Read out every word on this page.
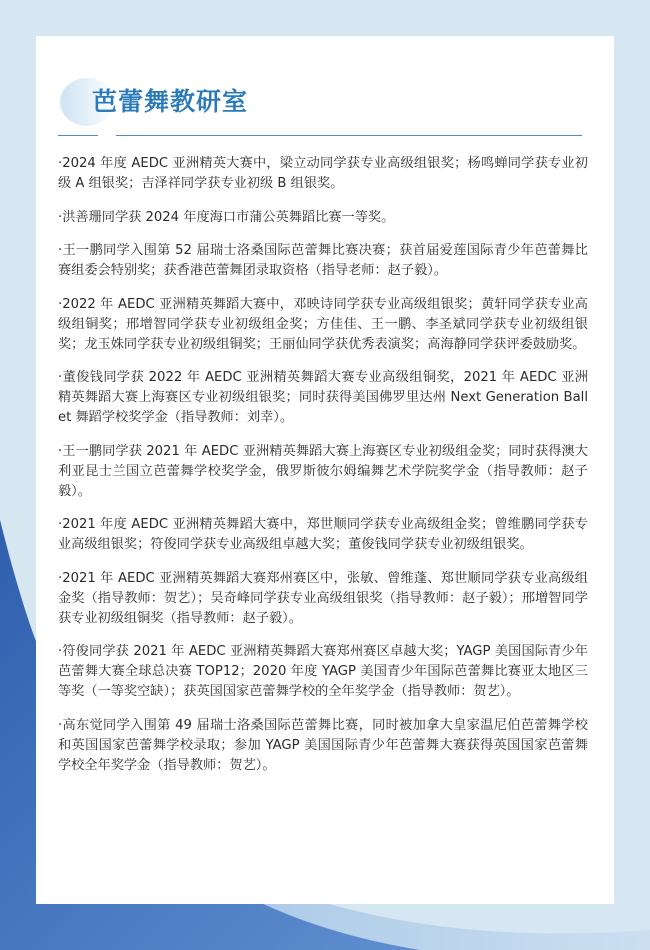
芭蕾舞教研室
·2024 年度 AEDC 亚洲精英大赛中，梁立动同学获专业高级组银奖；杨鸣蝉同学获专业初级 A 组银奖；吉泽祥同学获专业初级 B 组银奖。
·洪善珊同学获 2024 年度海口市蒲公英舞蹈比赛一等奖。
·王一鹏同学入围第 52 届瑞士洛桑国际芭蕾舞比赛决赛；获首届爱莲国际青少年芭蕾舞比赛组委会特别奖；获香港芭蕾舞团录取资格（指导老师：赵子毅）。
·2022 年 AEDC 亚洲精英舞蹈大赛中，邓映诗同学获专业高级组银奖；黄轩同学获专业高级组铜奖；邢增智同学获专业初级组金奖；方佳佳、王一鹏、李圣斌同学获专业初级组银奖；龙玉姝同学获专业初级组铜奖；王丽仙同学获优秀表演奖；高海静同学获评委鼓励奖。
·董俊钱同学获 2022 年 AEDC 亚洲精英舞蹈大赛专业高级组铜奖，2021 年 AEDC 亚洲精英舞蹈大赛上海赛区专业初级组银奖；同时获得美国佛罗里达州 Next Generation Ballet 舞蹈学校奖学金（指导教师：刘幸）。
·王一鹏同学获 2021 年 AEDC 亚洲精英舞蹈大赛上海赛区专业初级组金奖；同时获得澳大利亚昆士兰国立芭蕾舞学校奖学金，俄罗斯彼尔姆编舞艺术学院奖学金（指导教师：赵子毅）。
·2021 年度 AEDC 亚洲精英舞蹈大赛中，郑世顺同学获专业高级组金奖；曾维鹏同学获专业高级组银奖；符俊同学获专业高级组卓越大奖；董俊钱同学获专业初级组银奖。
·2021 年 AEDC 亚洲精英舞蹈大赛郑州赛区中，张敏、曾维蓬、郑世顺同学获专业高级组金奖（指导教师：贺艺）；吴奇峰同学获专业高级组银奖（指导教师：赵子毅）；邢增智同学获专业初级组铜奖（指导教师：赵子毅）。
·符俊同学获 2021 年 AEDC 亚洲精英舞蹈大赛郑州赛区卓越大奖；YAGP 美国国际青少年芭蕾舞大赛全球总决赛 TOP12；2020 年度 YAGP 美国青少年国际芭蕾舞比赛亚太地区三等奖（一等奖空缺）；获英国国家芭蕾舞学校的全年奖学金（指导教师：贺艺）。
·高东觉同学入围第 49 届瑞士洛桑国际芭蕾舞比赛，同时被加拿大皇家温尼伯芭蕾舞学校和英国国家芭蕾舞学校录取；参加 YAGP 美国国际青少年芭蕾舞大赛获得英国国家芭蕾舞学校全年奖学金（指导教师：贺艺）。
